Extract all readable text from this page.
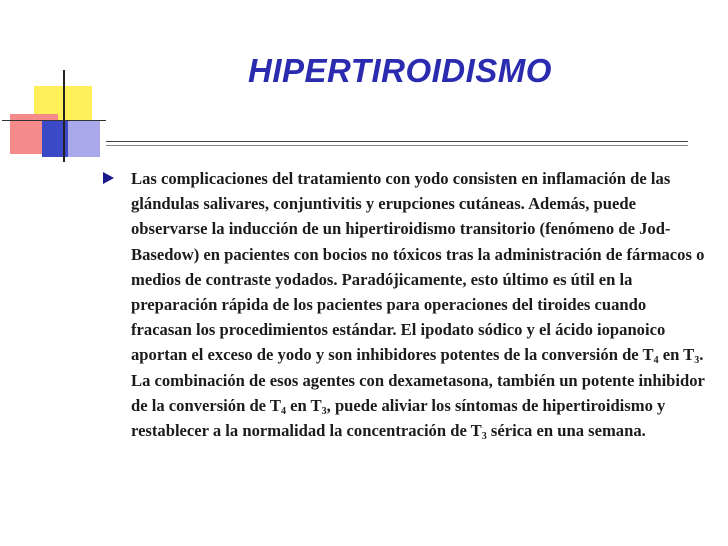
HIPERTIROIDISMO

Las complicaciones del tratamiento con yodo consisten en inflamación de las glándulas salivares, conjuntivitis y erupciones cutáneas. Además, puede observarse la inducción de un hipertiroidismo transitorio (fenómeno de Jod-Basedow) en pacientes con bocios no tóxicos tras la administración de fármacos o medios de contraste yodados. Paradójicamente, esto último es útil en la preparación rápida de los pacientes para operaciones del tiroides cuando fracasan los procedimientos estándar. El ipodato sódico y el ácido iopanoico aportan el exceso de yodo y son inhibidores potentes de la conversión de $T_4$ en $T_3$. La combinación de esos agentes con dexametasona, también un potente inhibidor de la conversión de $T_4$ en $T_3$, puede aliviar los síntomas de hipertiroidismo y restablecer a la normalidad la concentración de $T_3$ sérica en una semana.
